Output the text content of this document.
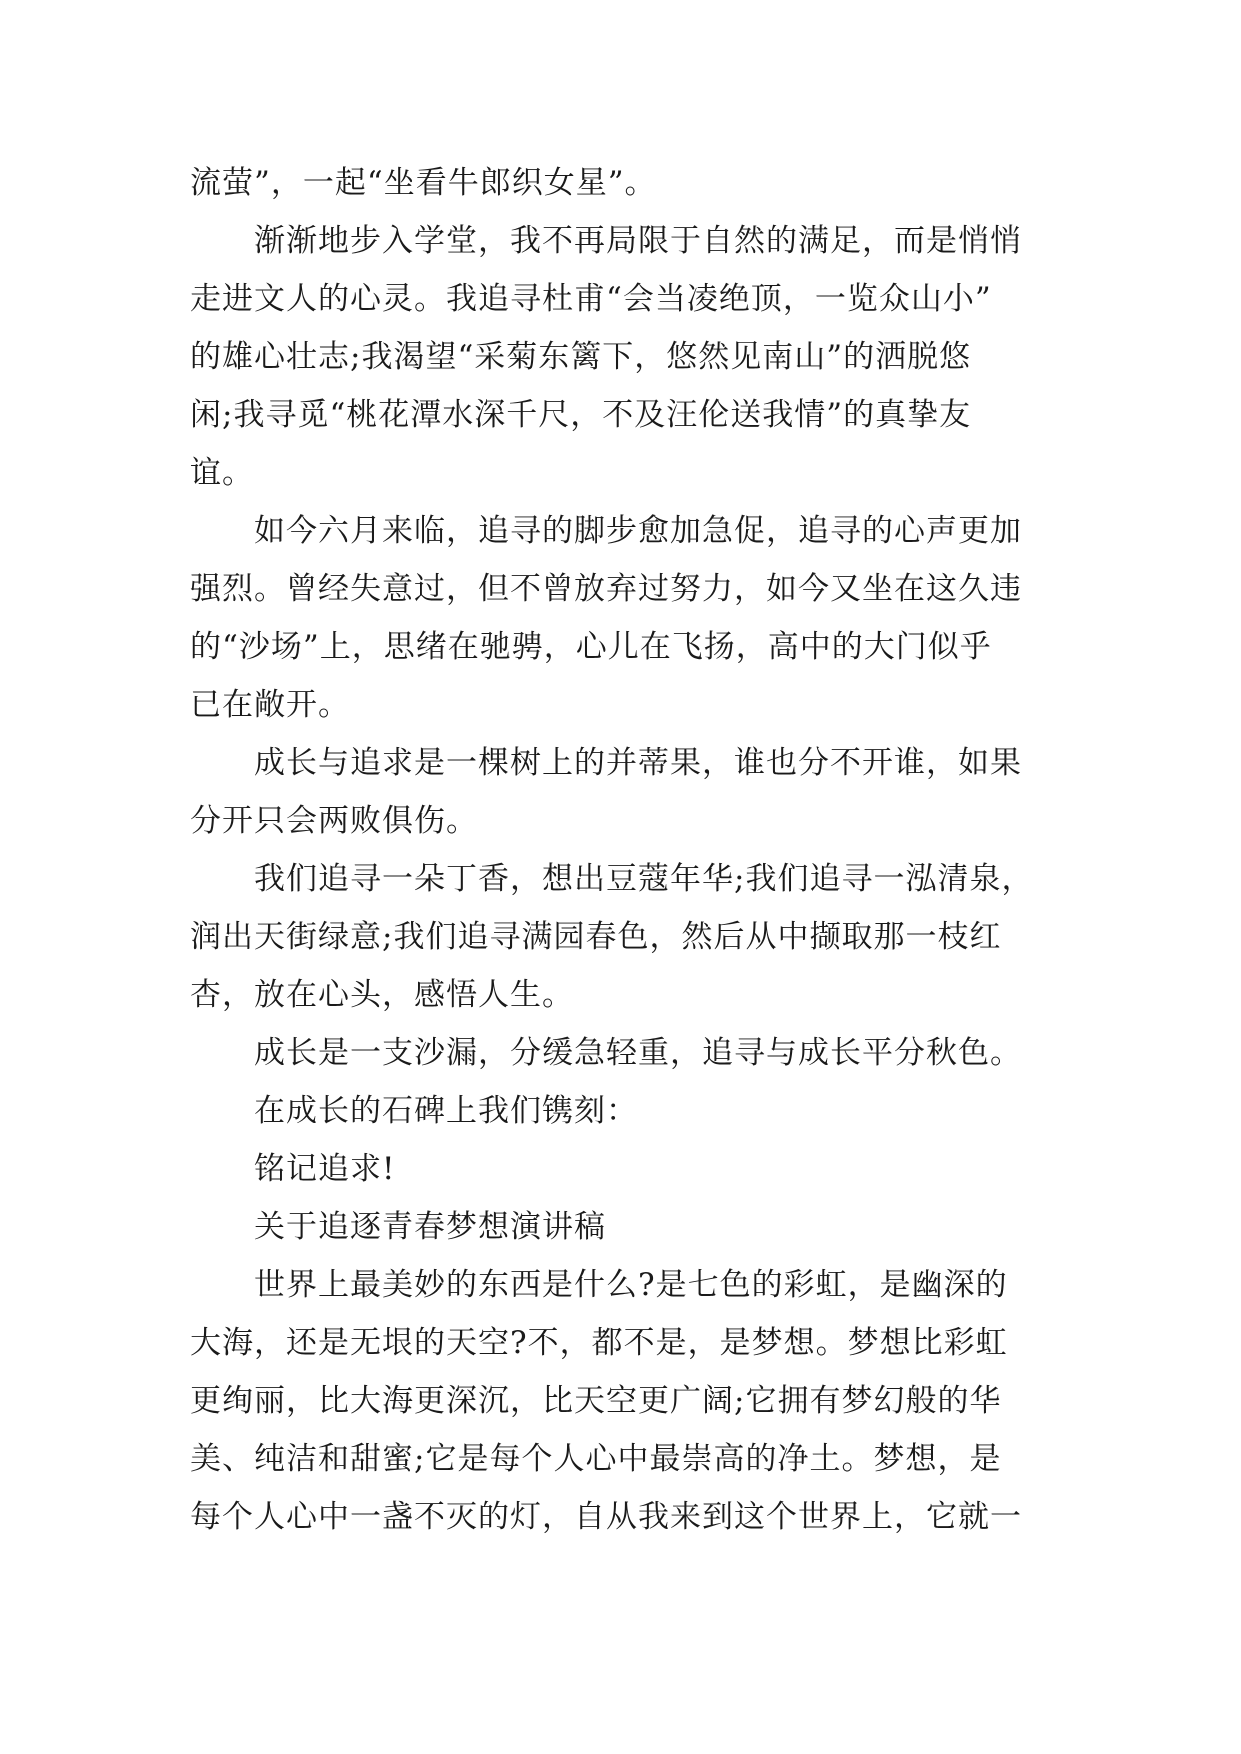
流萤”，一起“坐看牛郎织女星”。
渐渐地步入学堂，我不再局限于自然的满足，而是悄悄
走进文人的心灵。我追寻杜甫“会当凌绝顶，一览众山小”
的雄心壮志;我渴望“采菊东篱下，悠然见南山”的洒脱悠
闲;我寻觅“桃花潭水深千尺，不及汪伦送我情”的真挚友
谊。
如今六月来临，追寻的脚步愈加急促，追寻的心声更加
强烈。曾经失意过，但不曾放弃过努力，如今又坐在这久违
的“沙场”上，思绪在驰骋，心儿在飞扬，高中的大门似乎
已在敞开。
成长与追求是一棵树上的并蒂果，谁也分不开谁，如果
分开只会两败俱伤。
我们追寻一朵丁香，想出豆蔻年华;我们追寻一泓清泉，
润出天街绿意;我们追寻满园春色，然后从中撷取那一枝红
杏，放在心头，感悟人生。
成长是一支沙漏，分缓急轻重，追寻与成长平分秋色。
在成长的石碑上我们镌刻：
铭记追求!
关于追逐青春梦想演讲稿
世界上最美妙的东西是什么?是七色的彩虹，是幽深的
大海，还是无垠的天空?不，都不是，是梦想。梦想比彩虹
更绚丽，比大海更深沉，比天空更广阔;它拥有梦幻般的华
美、纯洁和甜蜜;它是每个人心中最崇高的净土。梦想，是
每个人心中一盏不灭的灯，自从我来到这个世界上，它就一
